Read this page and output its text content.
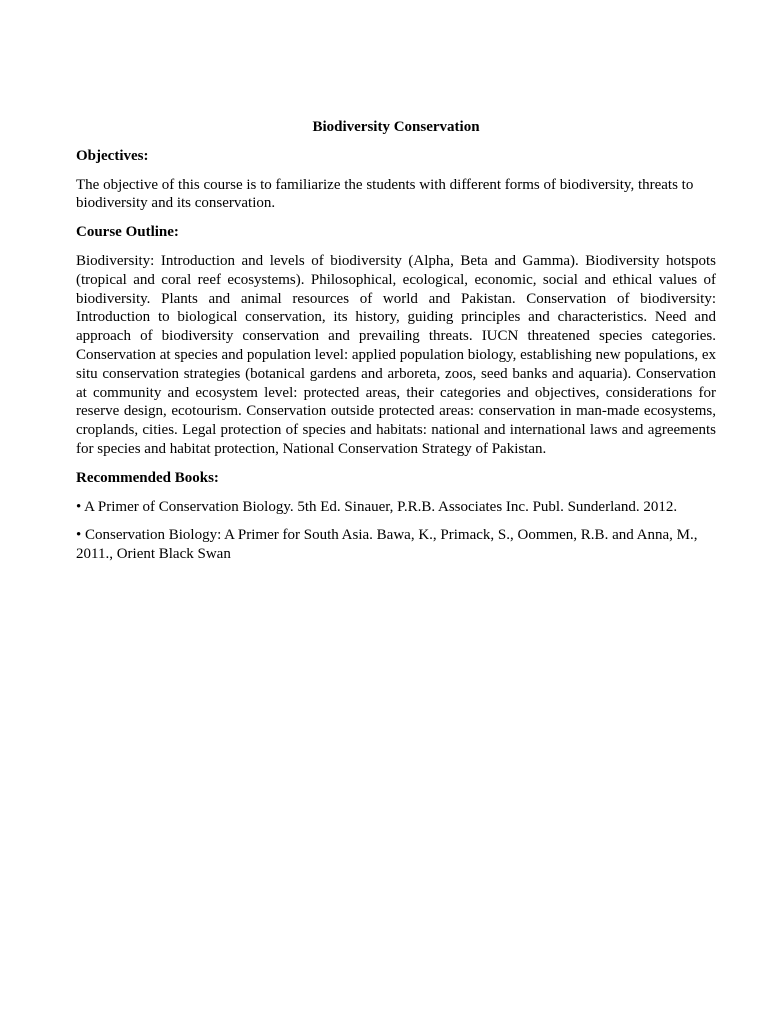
Biodiversity Conservation
Objectives:
The objective of this course is to familiarize the students with different forms of biodiversity, threats to biodiversity and its conservation.
Course Outline:
Biodiversity: Introduction and levels of biodiversity (Alpha, Beta and Gamma). Biodiversity hotspots (tropical and coral reef ecosystems). Philosophical, ecological, economic, social and ethical values of biodiversity. Plants and animal resources of world and Pakistan. Conservation of biodiversity: Introduction to biological conservation, its history, guiding principles and characteristics. Need and approach of biodiversity conservation and prevailing threats. IUCN threatened species categories. Conservation at species and population level: applied population biology, establishing new populations, ex situ conservation strategies (botanical gardens and arboreta, zoos, seed banks and aquaria). Conservation at community and ecosystem level: protected areas, their categories and objectives, considerations for reserve design, ecotourism. Conservation outside protected areas: conservation in man-made ecosystems, croplands, cities. Legal protection of species and habitats: national and international laws and agreements for species and habitat protection, National Conservation Strategy of Pakistan.
Recommended Books:
• A Primer of Conservation Biology. 5th Ed. Sinauer, P.R.B. Associates Inc. Publ. Sunderland. 2012.
• Conservation Biology: A Primer for South Asia. Bawa, K., Primack, S., Oommen, R.B. and Anna, M., 2011., Orient Black Swan
